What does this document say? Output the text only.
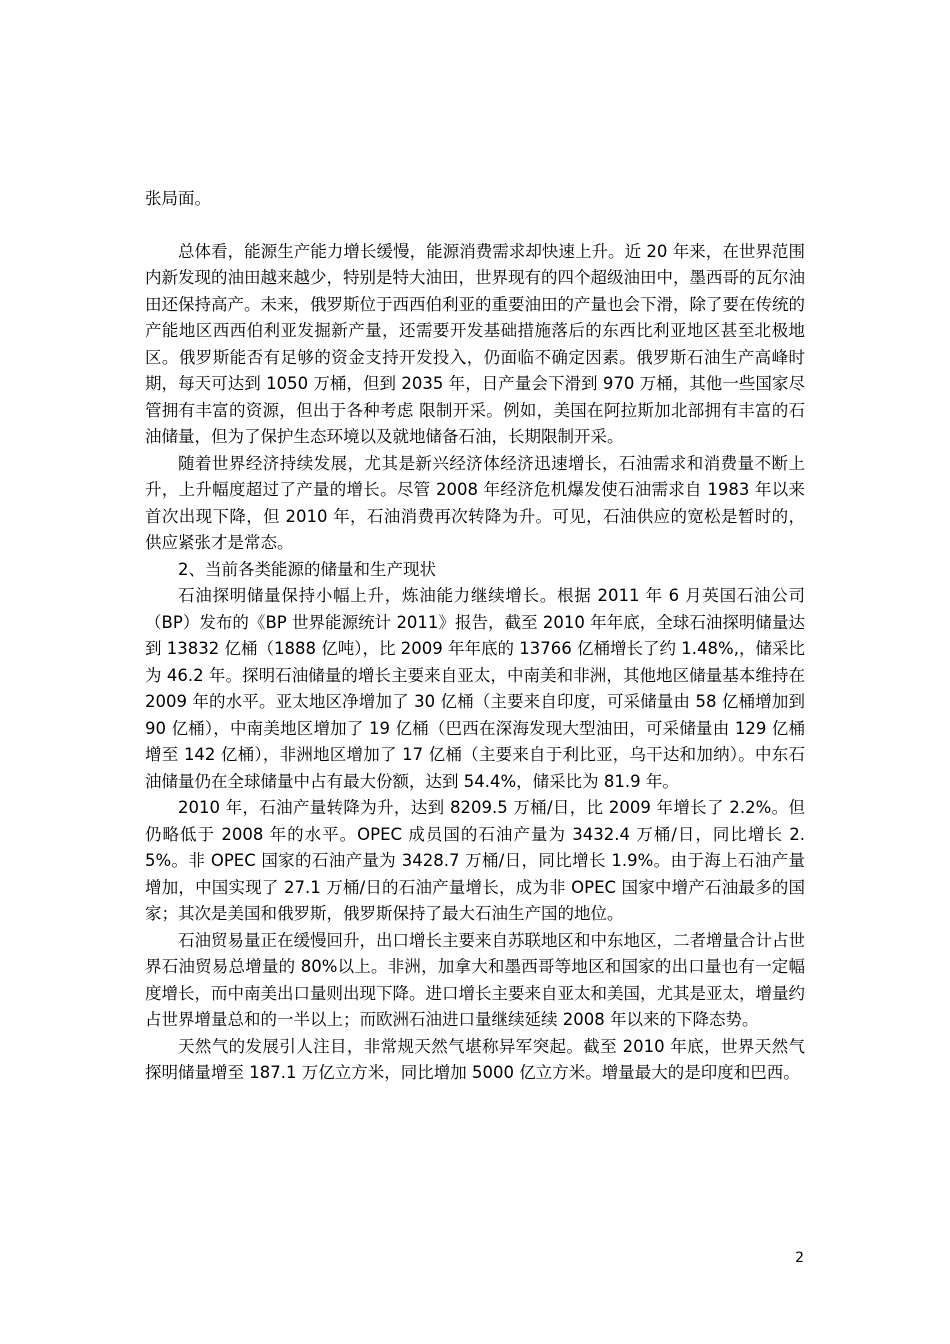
张局面。

总体看，能源生产能力增长缓慢，能源消费需求却快速上升。近 20 年来，在世界范围内新发现的油田越来越少，特别是特大油田，世界现有的四个超级油田中，墨西哥的瓦尔油田还保持高产。未来，俄罗斯位于西西伯利亚的重要油田的产量也会下滑，除了要在传统的产能地区西西伯利亚发掘新产量，还需要开发基础措施落后的东西比利亚地区甚至北极地区。俄罗斯能否有足够的资金支持开发投入，仍面临不确定因素。俄罗斯石油生产高峰时期，每天可达到 1050 万桶，但到 2035 年，日产量会下滑到 970 万桶，其他一些国家尽管拥有丰富的资源，但出于各种考虑 限制开采。例如，美国在阿拉斯加北部拥有丰富的石油储量，但为了保护生态环境以及就地储备石油，长期限制开采。

随着世界经济持续发展，尤其是新兴经济体经济迅速增长，石油需求和消费量不断上升，上升幅度超过了产量的增长。尽管 2008 年经济危机爆发使石油需求自 1983 年以来首次出现下降，但 2010 年，石油消费再次转降为升。可见，石油供应的宽松是暂时的，供应紧张才是常态。

2、当前各类能源的储量和生产现状

石油探明储量保持小幅上升，炼油能力继续增长。根据 2011 年 6 月英国石油公司（BP）发布的《BP 世界能源统计 2011》报告，截至 2010 年年底，全球石油探明储量达到 13832 亿桶（1888 亿吨），比 2009 年年底的 13766 亿桶增长了约 1.48%,，储采比为 46.2 年。探明石油储量的增长主要来自亚太，中南美和非洲，其他地区储量基本维持在 2009 年的水平。亚太地区净增加了 30 亿桶（主要来自印度，可采储量由 58 亿桶增加到 90 亿桶），中南美地区增加了 19 亿桶（巴西在深海发现大型油田，可采储量由 129 亿桶增至 142 亿桶），非洲地区增加了 17 亿桶（主要来自于利比亚，乌干达和加纳）。中东石油储量仍在全球储量中占有最大份额，达到 54.4%，储采比为 81.9 年。

2010 年，石油产量转降为升，达到 8209.5 万桶/日，比 2009 年增长了 2.2%。但仍略低于 2008 年的水平。OPEC 成员国的石油产量为 3432.4 万桶/日，同比增长 2.5%。非 OPEC 国家的石油产量为 3428.7 万桶/日，同比增长 1.9%。由于海上石油产量增加，中国实现了 27.1 万桶/日的石油产量增长，成为非 OPEC 国家中增产石油最多的国家；其次是美国和俄罗斯，俄罗斯保持了最大石油生产国的地位。

石油贸易量正在缓慢回升，出口增长主要来自苏联地区和中东地区，二者增量合计占世界石油贸易总增量的 80%以上。非洲，加拿大和墨西哥等地区和国家的出口量也有一定幅度增长，而中南美出口量则出现下降。进口增长主要来自亚太和美国，尤其是亚太，增量约占世界增量总和的一半以上；而欧洲石油进口量继续延续 2008 年以来的下降态势。

天然气的发展引人注目，非常规天然气堪称异军突起。截至 2010 年底，世界天然气探明储量增至 187.1 万亿立方米，同比增加 5000 亿立方米。增量最大的是印度和巴西。

2
